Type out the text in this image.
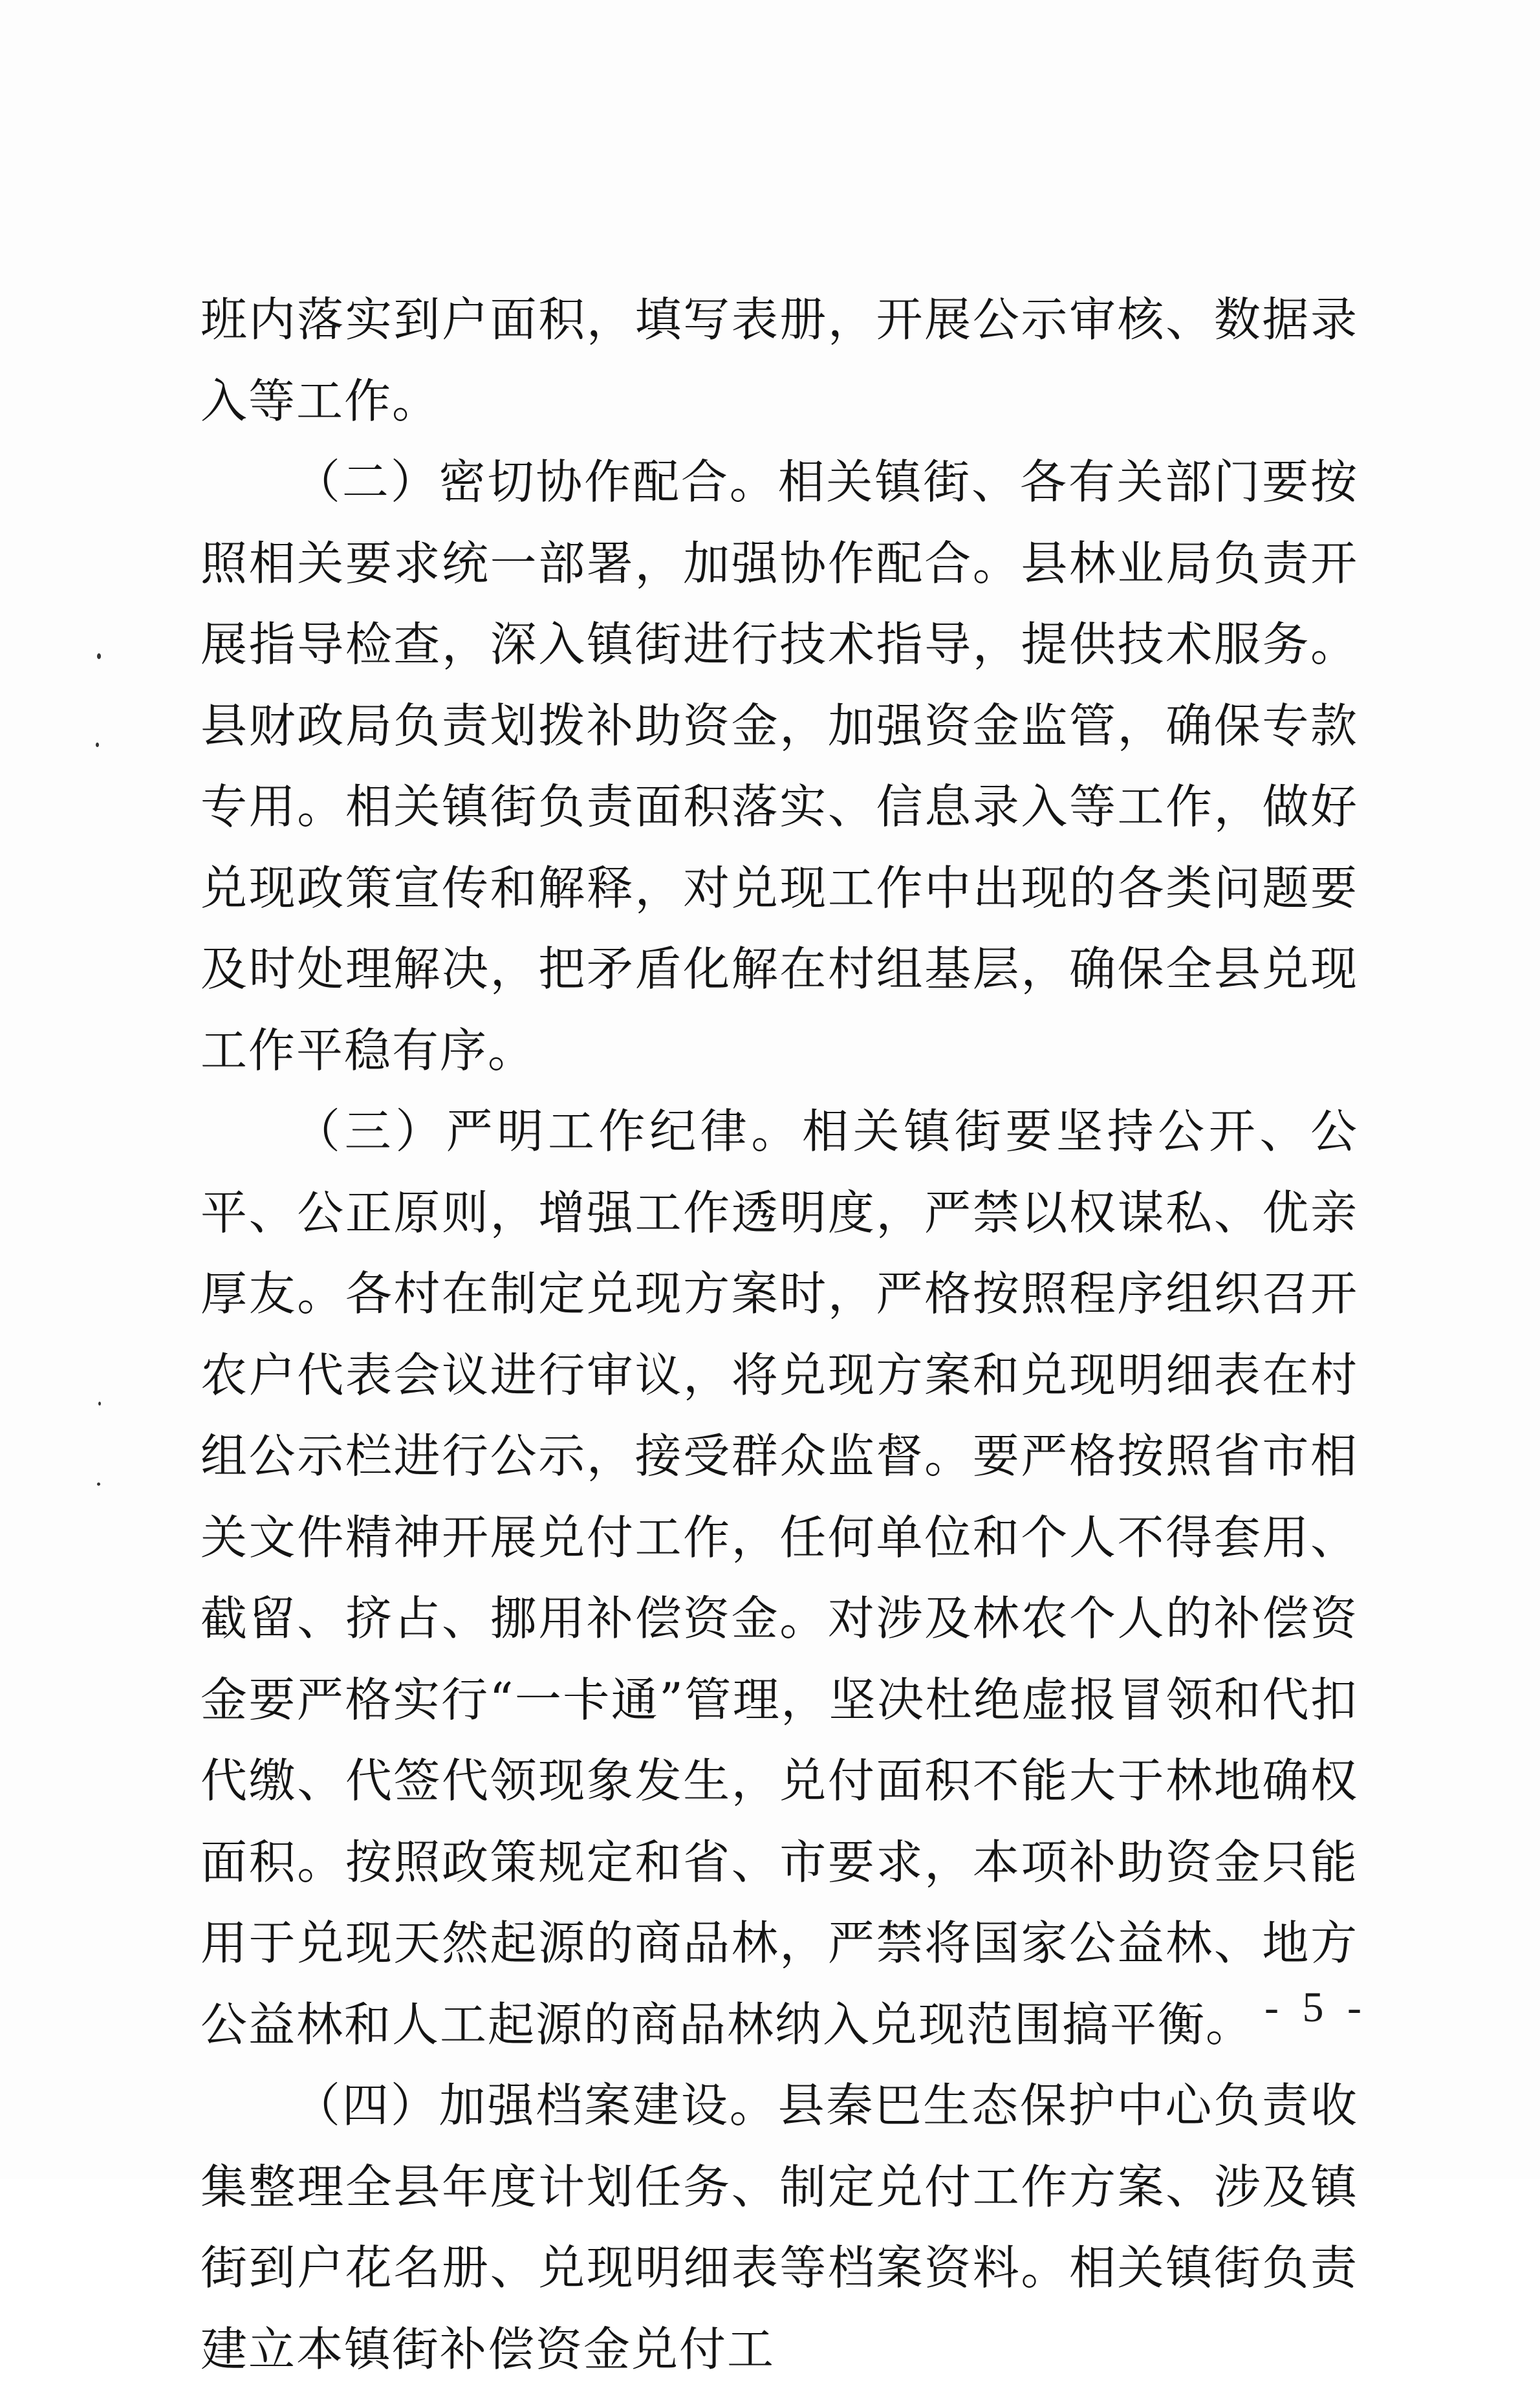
班内落实到户面积，填写表册，开展公示审核、数据录入等工作。

（二）密切协作配合。相关镇街、各有关部门要按照相关要求统一部署，加强协作配合。县林业局负责开展指导检查，深入镇街进行技术指导，提供技术服务。县财政局负责划拨补助资金，加强资金监管，确保专款专用。相关镇街负责面积落实、信息录入等工作，做好兑现政策宣传和解释，对兑现工作中出现的各类问题要及时处理解决，把矛盾化解在村组基层，确保全县兑现工作平稳有序。

（三）严明工作纪律。相关镇街要坚持公开、公平、公正原则，增强工作透明度，严禁以权谋私、优亲厚友。各村在制定兑现方案时，严格按照程序组织召开农户代表会议进行审议，将兑现方案和兑现明细表在村组公示栏进行公示，接受群众监督。要严格按照省市相关文件精神开展兑付工作，任何单位和个人不得套用、截留、挤占、挪用补偿资金。对涉及林农个人的补偿资金要严格实行“一卡通”管理，坚决杜绝虚报冒领和代扣代缴、代签代领现象发生，兑付面积不能大于林地确权面积。按照政策规定和省、市要求，本项补助资金只能用于兑现天然起源的商品林，严禁将国家公益林、地方公益林和人工起源的商品林纳入兑现范围搞平衡。

（四）加强档案建设。县秦巴生态保护中心负责收集整理全县年度计划任务、制定兑付工作方案、涉及镇街到户花名册、兑现明细表等档案资料。相关镇街负责建立本镇街补偿资金兑付工

- 5 -
